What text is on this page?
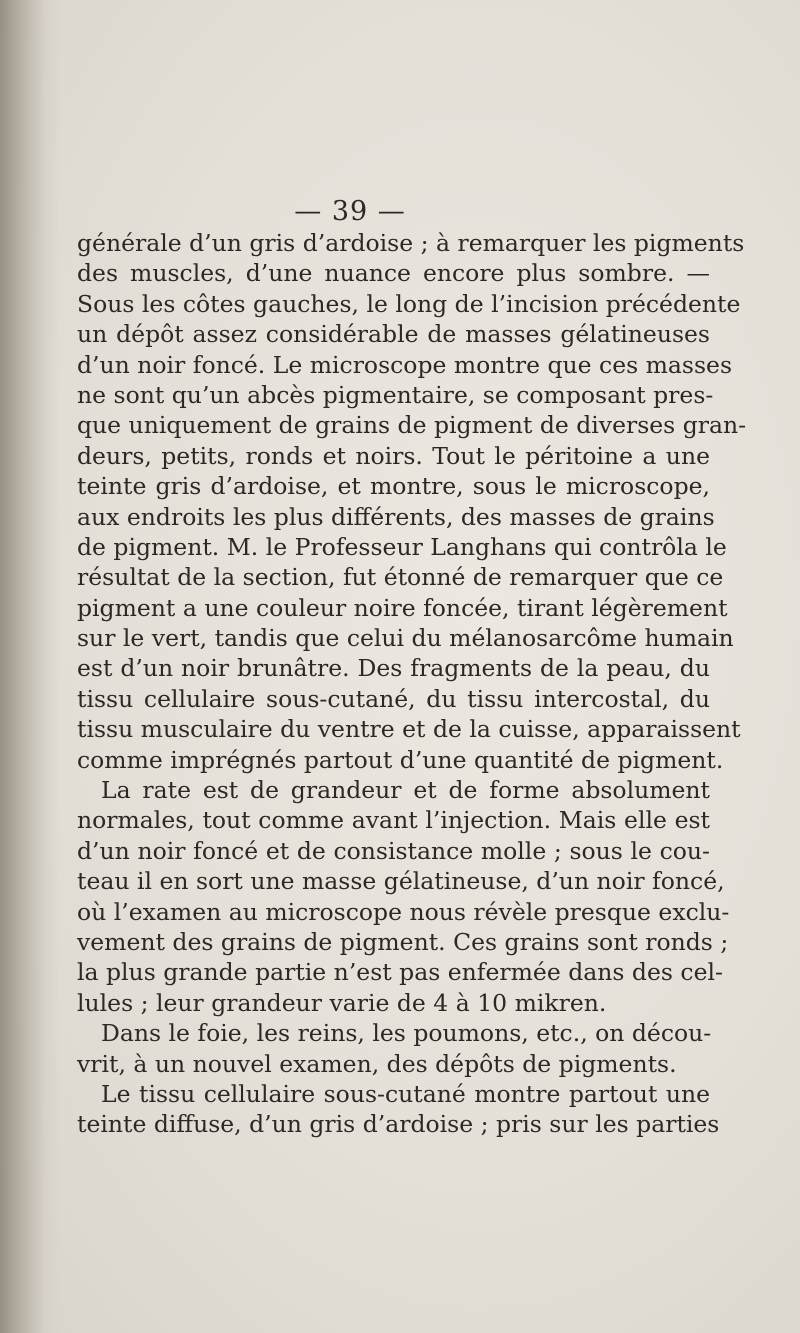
— 39 —
générale d’un gris d’ardoise ; à remarquer les pigments
des muscles, d’une nuance encore plus sombre. —
Sous les côtes gauches, le long de l’incision précédente
un dépôt assez considérable de masses gélatineuses
d’un noir foncé. Le microscope montre que ces masses
ne sont qu’un abcès pigmentaire, se composant pres-
que uniquement de grains de pigment de diverses gran-
deurs, petits, ronds et noirs. Tout le péritoine a une
teinte gris d’ardoise, et montre, sous le microscope,
aux endroits les plus différents, des masses de grains
de pigment. M. le Professeur Langhans qui contrôla le
résultat de la section, fut étonné de remarquer que ce
pigment a une couleur noire foncée, tirant légèrement
sur le vert, tandis que celui du mélanosarcôme humain
est d’un noir brunâtre. Des fragments de la peau, du
tissu cellulaire sous-cutané, du tissu intercostal, du
tissu musculaire du ventre et de la cuisse, apparaissent
comme imprégnés partout d’une quantité de pigment.
La rate est de grandeur et de forme absolument
normales, tout comme avant l’injection. Mais elle est
d’un noir foncé et de consistance molle ; sous le cou-
teau il en sort une masse gélatineuse, d’un noir foncé,
où l’examen au microscope nous révèle presque exclu-
vement des grains de pigment. Ces grains sont ronds ;
la plus grande partie n’est pas enfermée dans des cel-
lules ; leur grandeur varie de 4 à 10 mikren.
Dans le foie, les reins, les poumons, etc., on décou-
vrit, à un nouvel examen, des dépôts de pigments.
Le tissu cellulaire sous-cutané montre partout une
teinte diffuse, d’un gris d’ardoise ; pris sur les parties
